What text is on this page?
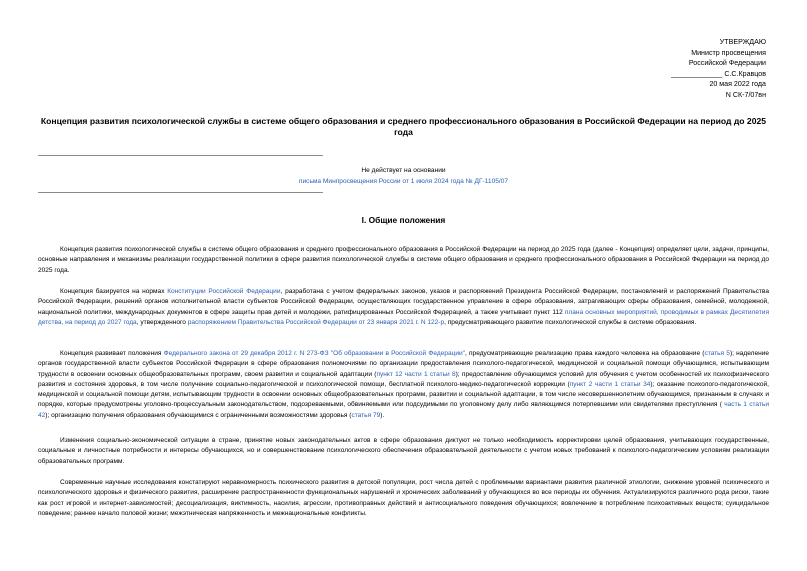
УТВЕРЖДАЮ
Министр просвещения
Российской Федерации
_____________ С.С.Кравцов
20 мая 2022 года
N СК-7/07вн
Концепция развития психологической службы в системе общего образования и среднего профессионального образования в Российской Федерации на период до 2025 года
Не действует на основании
письма Минпросвещения России от 1 июля 2024 года № ДГ-1105/07
I. Общие положения

Концепция развития психологической службы в системе общего образования и среднего профессионального образования в Российской Федерации на период до 2025 года (далее - Концепция) определяет цели, задачи, принципы, основные направления и механизмы реализации государственной политики в сфере развития психологической службы в системе общего образования и среднего профессионального образования в Российской Федерации на период до 2025 года.

Концепция базируется на нормах Конституции Российской Федерации, разработана с учетом федеральных законов, указов и распоряжений Президента Российской Федерации, постановлений и распоряжений Правительства Российской Федерации, решений органов исполнительной власти субъектов Российской Федерации, осуществляющих государственное управление в сфере образования, затрагивающих сферы образования, семейной, молодежной, национальной политики, международных документов в сфере защиты прав детей и молодежи, ратифицированных Российской Федерацией, а также учитывает пункт 112 плана основных мероприятий, проводимых в рамках Десятилетия детства, на период до 2027 года, утвержденного распоряжением Правительства Российской Федерации от 23 января 2021 г. N 122-р, предусматривающего развитие психологической службы в системе образования.

Концепция развивает положения Федерального закона от 29 декабря 2012 г. N 273-ФЗ "Об образовании в Российской Федерации", предусматривающие реализацию права каждого человека на образование (статья 5); наделение органов государственной власти субъектов Российской Федерации в сфере образования полномочиями по организации предоставления психолого-педагогической, медицинской и социальной помощи обучающимся, испытывающим трудности в освоении основных общеобразовательных программ, своем развитии и социальной адаптации (пункт 12 части 1 статьи 8); предоставление обучающимся условий для обучения с учетом особенностей их психофизического развития и состояния здоровья, в том числе получение социально-педагогической и психологической помощи, бесплатной психолого-медико-педагогической коррекции (пункт 2 части 1 статьи 34); оказание психолого-педагогической, медицинской и социальной помощи детям, испытывающим трудности в освоении основных общеобразовательных программ, развитии и социальной адаптации, в том числе несовершеннолетним обучающимся, признанным в случаях и порядке, которые предусмотрены уголовно-процессуальным законодательством, подозреваемыми, обвиняемыми или подсудимыми по уголовному делу либо являющимся потерпевшими или свидетелями преступления ( часть 1 статьи 42); организацию получения образования обучающимися с ограниченными возможностями здоровья (статья 79).

Изменения социально-экономической ситуации в стране, принятие новых законодательных актов в сфере образования диктуют не только необходимость корректировки целей образования, учитывающих государственные, социальные и личностные потребности и интересы обучающихся, но и совершенствование психологического обеспечения образовательной деятельности с учетом новых требований к психолого-педагогическим условиям реализации образовательных программ.

Современные научные исследования констатируют неравномерность психического развития в детской популяции, рост числа детей с проблемными вариантами развития различной этиологии, снижение уровней психического и психологического здоровья и физического развития, расширение распространенности функциональных нарушений и хронических заболеваний у обучающихся во все периоды их обучения. Актуализируются различного рода риски, такие как рост игровой и интернет-зависимостей; десоциализация, виктимность, насилия, агрессии, противоправных действий и антисоциального поведения обучающихся; вовлечение в потребление психоактивных веществ; суицидальное поведение; раннее начало половой жизни; межэтническая напряженность и межнациональные конфликты.
